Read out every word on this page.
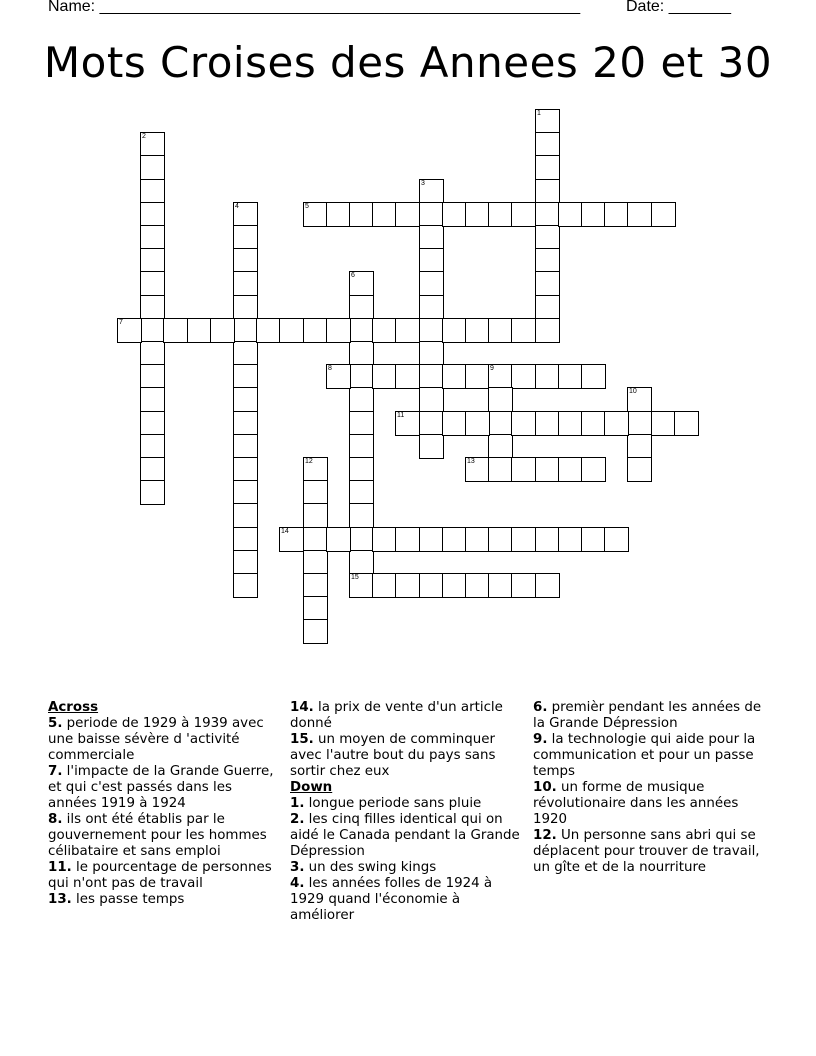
Name: ______________________________________________________	Date: _______
Mots Croises des Annees 20 et 30
1
2
3
4	5
6
15
7
8	9
10
11
12	13
14
Across
5. periode de 1929 à 1939 avec une baisse sévère d 'activité commerciale
7. l'impacte de la Grande Guerre, et qui c'est passés dans les années 1919 à 1924
8. ils ont été établis par le gouvernement pour les hommes célibataire et sans emploi
11. le pourcentage de personnes qui n'ont pas de travail
13. les passe temps
14. la prix de vente d'un article donné
15. un moyen de comminquer avec l'autre bout du pays sans sortir chez eux
Down
1. longue periode sans pluie
2. les cinq filles identical qui on aidé le Canada pendant la Grande Dépression
3. un des swing kings
4. les années folles de 1924 à 1929 quand l'économie à améliorer
6. premièr pendant les années de la Grande Dépression
9. la technologie qui aide pour la communication et pour un passe temps
10. un forme de musique révolutionaire dans les années 1920
12. Un personne sans abri qui se déplacent pour trouver de travail, un gîte et de la nourriture
